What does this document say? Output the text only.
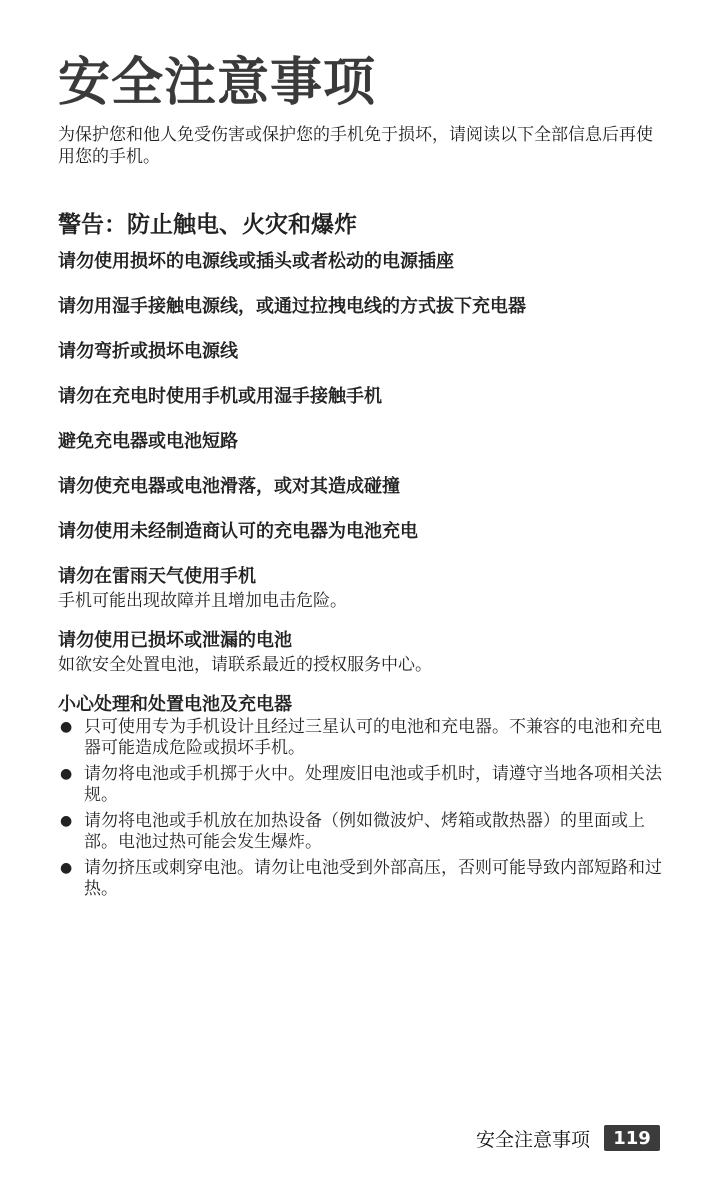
安全注意事项

为保护您和他人免受伤害或保护您的手机免于损坏，请阅读以下全部信息后再使用您的手机。

警告：防止触电、火灾和爆炸
请勿使用损坏的电源线或插头或者松动的电源插座
请勿用湿手接触电源线，或通过拉拽电线的方式拔下充电器
请勿弯折或损坏电源线
请勿在充电时使用手机或用湿手接触手机
避免充电器或电池短路
请勿使充电器或电池滑落，或对其造成碰撞
请勿使用未经制造商认可的充电器为电池充电
请勿在雷雨天气使用手机

手机可能出现故障并且增加电击危险。

请勿使用已损坏或泄漏的电池

如欲安全处置电池，请联系最近的授权服务中心。

小心处理和处置电池及充电器
● 只可使用专为手机设计且经过三星认可的电池和充电器。不兼容的电池和充电器可能造成危险或损坏手机。
● 请勿将电池或手机掷于火中。处理废旧电池或手机时，请遵守当地各项相关法规。
● 请勿将电池或手机放在加热设备（例如微波炉、烤箱或散热器）的里面或上部。电池过热可能会发生爆炸。
● 请勿挤压或刺穿电池。请勿让电池受到外部高压，否则可能导致内部短路和过热。
安全注意事项	119
